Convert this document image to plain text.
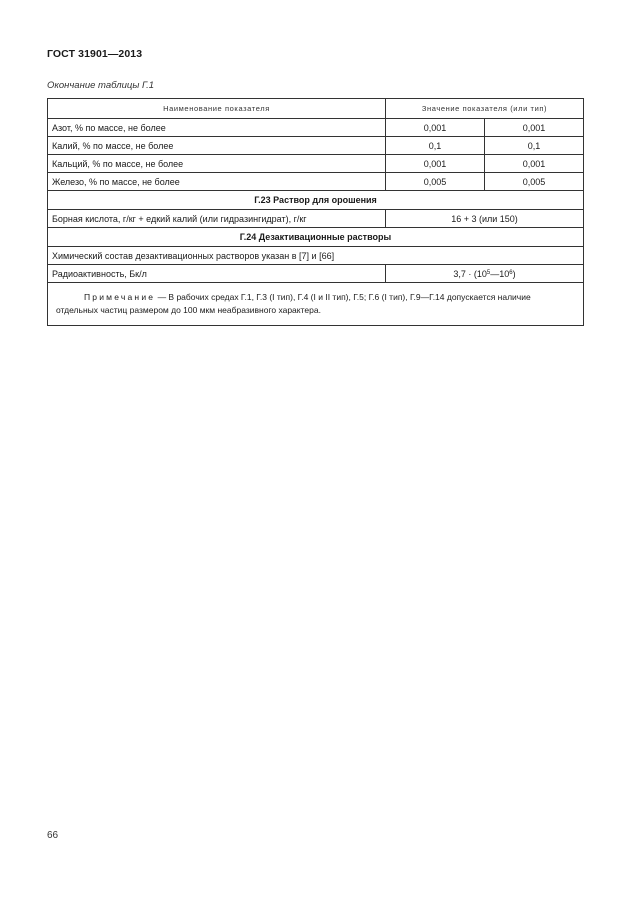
ГОСТ 31901—2013
Окончание таблицы Г.1
Наименование показателя	Значение показателя (или тип)	
Азот, % по массе, не более	0,001	0,001
Калий, % по массе, не более	0,1	0,1
Кальций, % по массе, не более	0,001	0,001
Железо, % по массе, не более	0,005	0,005
Г.23 Раствор для орошения		
Борная кислота, г/кг + едкий калий (или гидразингидрат), г/кг	16 + 3 (или 150)	
Г.24 Дезактивационные растворы		
Химический состав дезактивационных растворов указан в [7] и [66]		
Радиоактивность, Бк/л	$3,7 \cdot (10^5—10^6)$	
Примечание — В рабочих средах Г.1, Г.3 (I тип), Г.4 (I и II тип), Г.5; Г.6 (I тип), Г.9—Г.14 допускается наличие отдельных частиц размером до 100 мкм неабразивного характера.		
66
